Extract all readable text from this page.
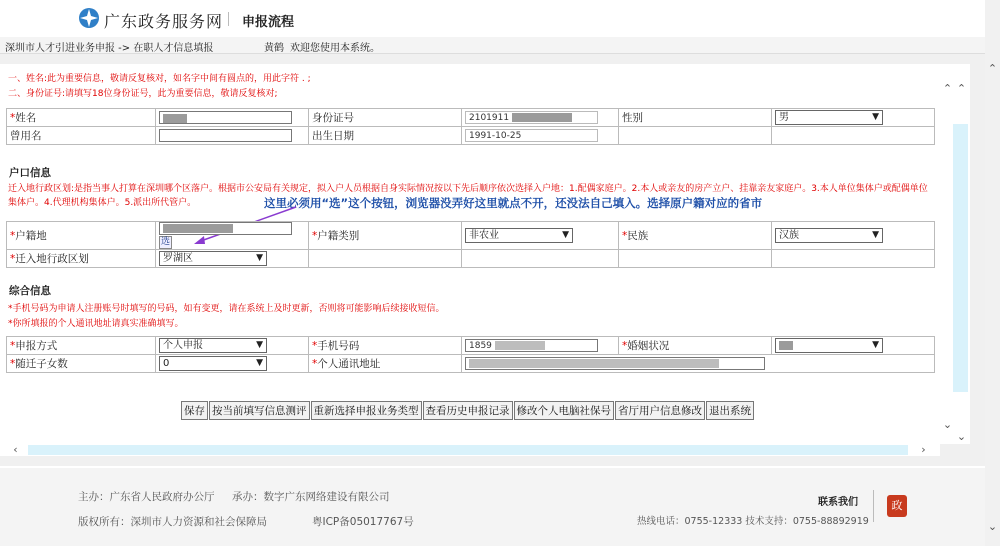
广东政务服务网 申报流程
深圳市人才引进业务申报 -> 在职人才信息填报	黄鹤 欢迎您使用本系统。
一、姓名:此为重要信息，敬请反复核对，如名字中间有圆点的，用此字符 . ;
二、身份证号:请填写18位身份证号，此为重要信息，敬请反复核对;
*姓名		身份证号	2101911	性别	男 ▼

曾用名		出生日期	1991-10-25		
户口信息
迁入地行政区划:是指当事人打算在深圳哪个区落户。根据市公安局有关规定，拟入户人员根据自身实际情况按以下先后顺序依次选择入户地：1.配偶家庭户。2.本人或亲友的房产立户、挂靠亲友家庭户。3.本人单位集体户或配偶单位集体户。4.代理机构集体户。5.派出所代管户。	这里必须用“选”这个按钮，浏览器没弄好这里就点不开，还没法自己填入。选择原户籍对应的省市
*户籍地	选	*户籍类别	非农业 ▼	*民族	汉族 ▼

*迁入地行政区划	罗湖区 ▼				

综合信息
*手机号码为申请人注册账号时填写的号码，如有变更，请在系统上及时更新，否则将可能影响后续接收短信。
*你所填报的个人通讯地址请真实准确填写。
*申报方式	个人申报 ▼	*手机号码	1859	*婚姻状况	▼

*随迁子女数	0 ▼	*个人通讯地址			
保存 按当前填写信息测评 重新选择申报业务类型 查看历史申报记录 修改个人电脑社保号 省厅用户信息修改 退出系统
⌃ ⌃
⌄
⌄
‹	›
⌃
⌄
主办：广东省人民政府办公厅 承办：数字广东网络建设有限公司
版权所有：深圳市人力资源和社会保障局	粤ICP备05017767号
联系我们
热线电话：0755-12333 技术支持：0755-88892919
政
